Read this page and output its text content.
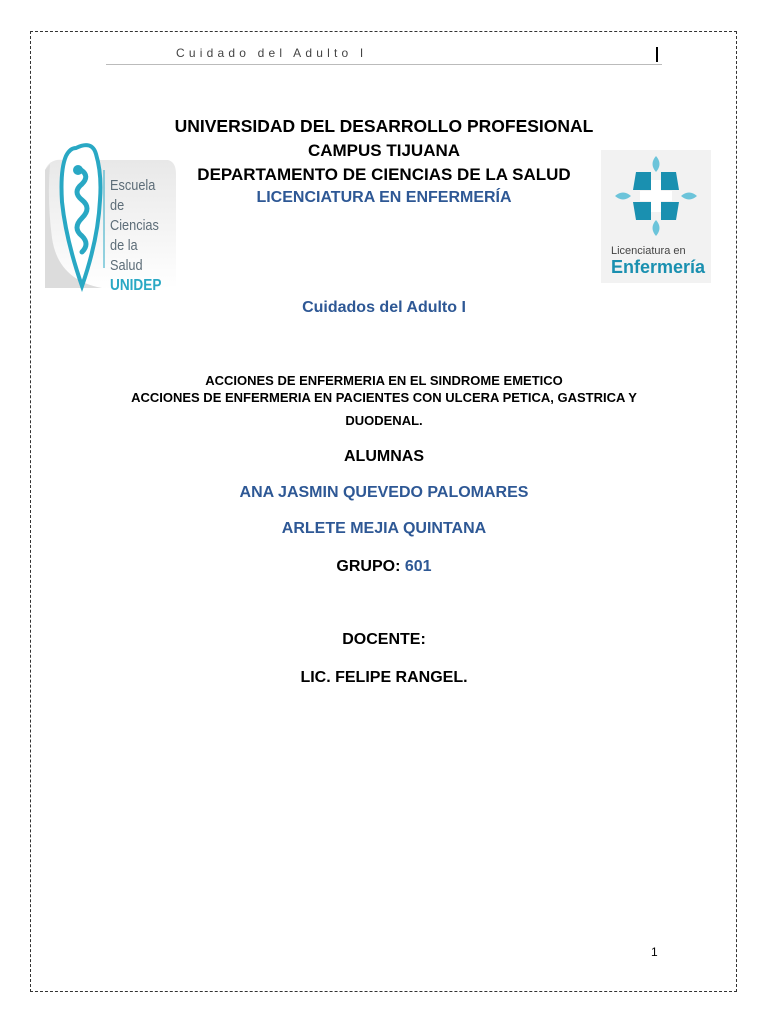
Cuidado del Adulto I
Escuela
de Ciencias
de la Salud
UNIDEP
Licenciatura en
Enfermería
UNIVERSIDAD DEL DESARROLLO PROFESIONAL
CAMPUS TIJUANA
DEPARTAMENTO DE CIENCIAS DE LA SALUD
LICENCIATURA EN ENFERMERÍA
Cuidados del Adulto I
ACCIONES DE ENFERMERIA EN EL SINDROME EMETICO
ACCIONES DE ENFERMERIA EN PACIENTES CON ULCERA PETICA, GASTRICA Y
DUODENAL.
ALUMNAS
ANA JASMIN QUEVEDO PALOMARES
ARLETE MEJIA QUINTANA
GRUPO: 601
DOCENTE:
LIC. FELIPE RANGEL.
1
